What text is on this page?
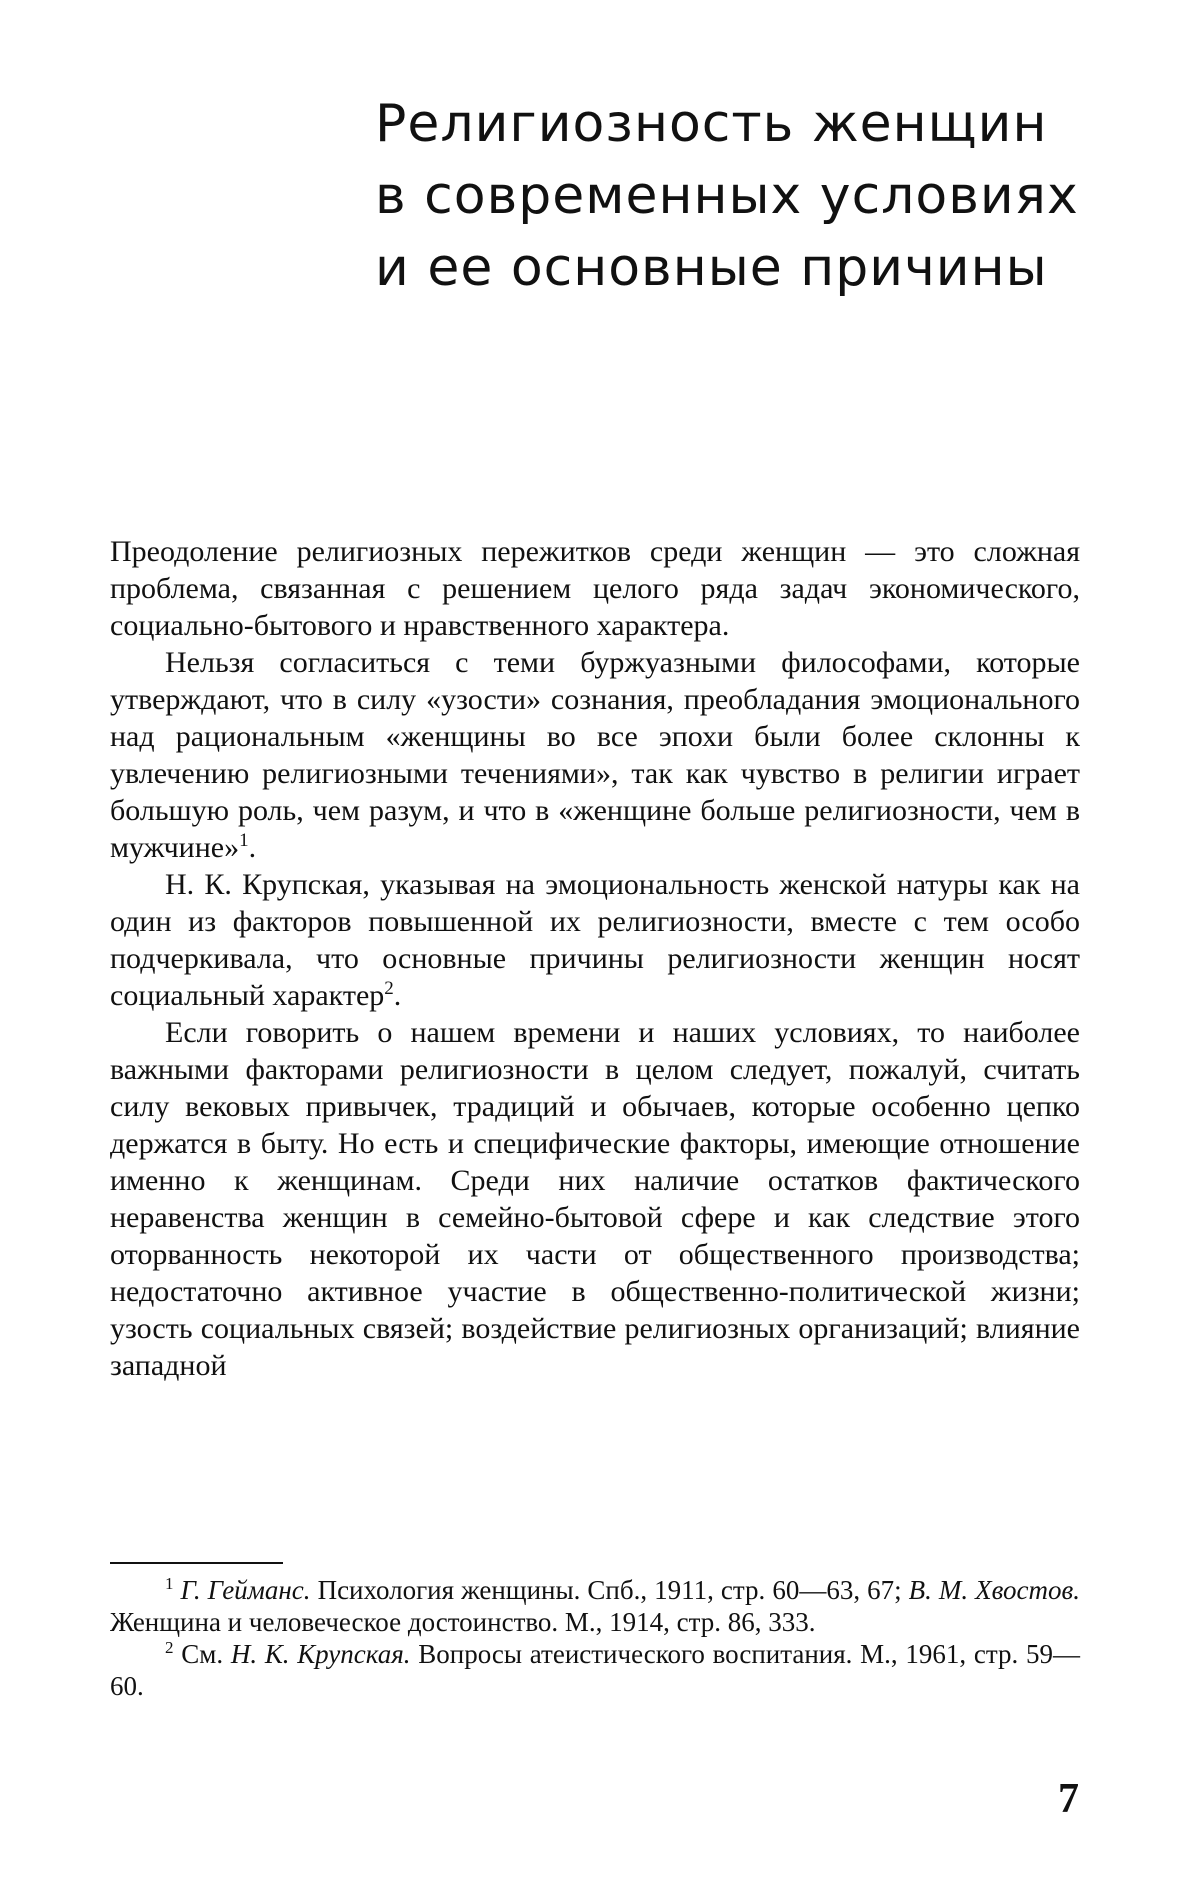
Религиозность женщин
в современных условиях
и ее основные причины

Преодоление религиозных пережитков среди женщин — это сложная проблема, связанная с решением целого ряда задач экономического, социально-бытового и нравственного характера.

Нельзя согласиться с теми буржуазными философами, которые утверждают, что в силу «узости» сознания, преобладания эмоционального над рациональным «женщины во все эпохи были более склонны к увлечению религиозными течениями», так как чувство в религии играет большую роль, чем разум, и что в «женщине больше религиозности, чем в мужчине»$^1$.

Н. К. Крупская, указывая на эмоциональность женской натуры как на один из факторов повышенной их религиозности, вместе с тем особо подчеркивала, что основные причины религиозности женщин носят социальный характер$^2$.

Если говорить о нашем времени и наших условиях, то наиболее важными факторами религиозности в целом следует, пожалуй, считать силу вековых привычек, традиций и обычаев, которые особенно цепко держатся в быту. Но есть и специфические факторы, имеющие отношение именно к женщинам. Среди них наличие остатков фактического неравенства женщин в семейно-бытовой сфере и как следствие этого оторванность некоторой их части от общественного производства; недостаточно активное участие в общественно-политической жизни; узость социальных связей; воздействие религиозных организаций; влияние западной

$^1$ Г. Гейманс. Психология женщины. Спб., 1911, стр. 60—63, 67; В. М. Хвостов. Женщина и человеческое достоинство. М., 1914, стр. 86, 333.

$^2$ См. Н. К. Крупская. Вопросы атеистического воспитания. М., 1961, стр. 59—60.

7
